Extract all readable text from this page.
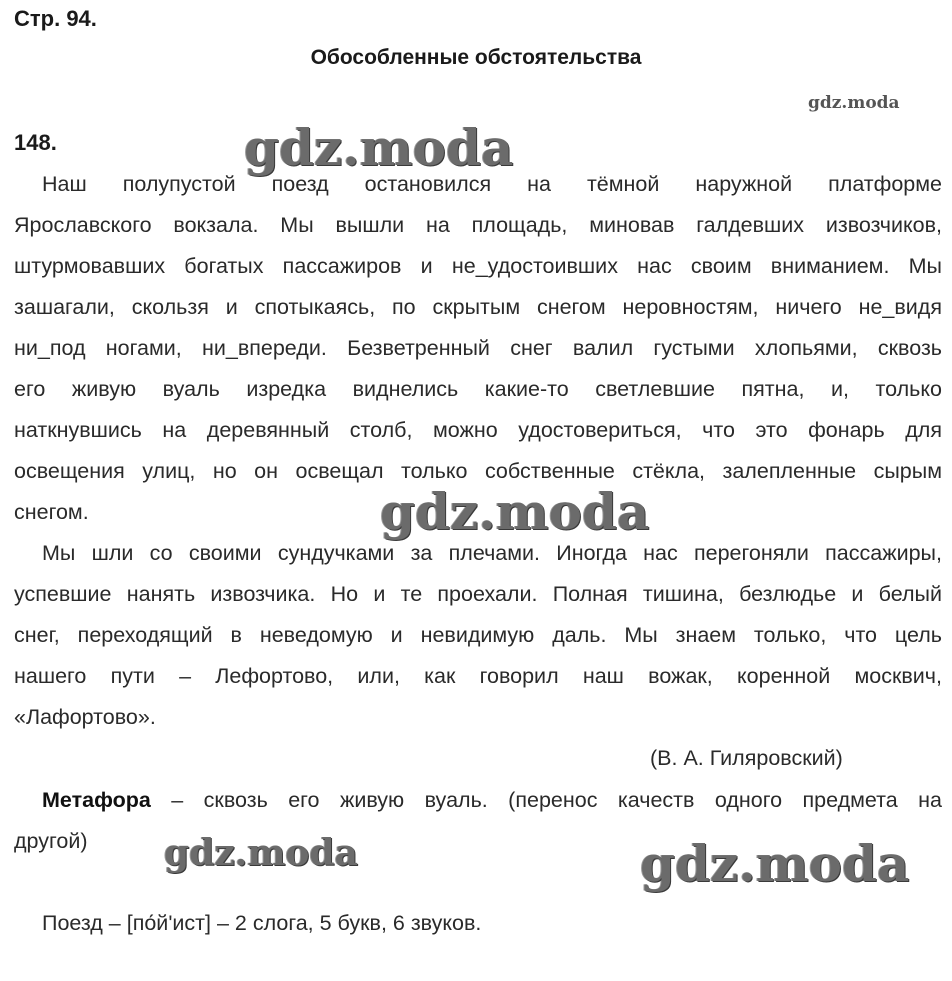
Стр. 94.
Обособленные обстоятельства
gdz.moda
148.	gdz.moda
Наш полупустой поезд остановился на тёмной наружной платформе
Ярославского вокзала. Мы вышли на площадь, миновав галдевших извозчиков,
штурмовавших богатых пассажиров и не_удостоивших нас своим вниманием. Мы
зашагали, скользя и спотыкаясь, по скрытым снегом неровностям, ничего не_видя
ни_под ногами, ни_впереди. Безветренный снег валил густыми хлопьями, сквозь
его живую вуаль изредка виднелись какие-то светлевшие пятна, и, только
наткнувшись на деревянный столб, можно удостовериться, что это фонарь для
освещения улиц, но он освещал только собственные стёкла, залепленные сырым
снегом.	gdz.moda
Мы шли со своими сундучками за плечами. Иногда нас перегоняли пассажиры,
успевшие нанять извозчика. Но и те проехали. Полная тишина, безлюдье и белый
снег, переходящий в неведомую и невидимую даль. Мы знаем только, что цель
нашего пути – Лефортово, или, как говорил наш вожак, коренной москвич,
«Лафортово».
(В. А. Гиляровский)
Метафора – сквозь его живую вуаль. (перенос качеств одного предмета на
другой)	gdz.moda	gdz.moda
Поезд – [по́й'ист] – 2 слога, 5 букв, 6 звуков.
